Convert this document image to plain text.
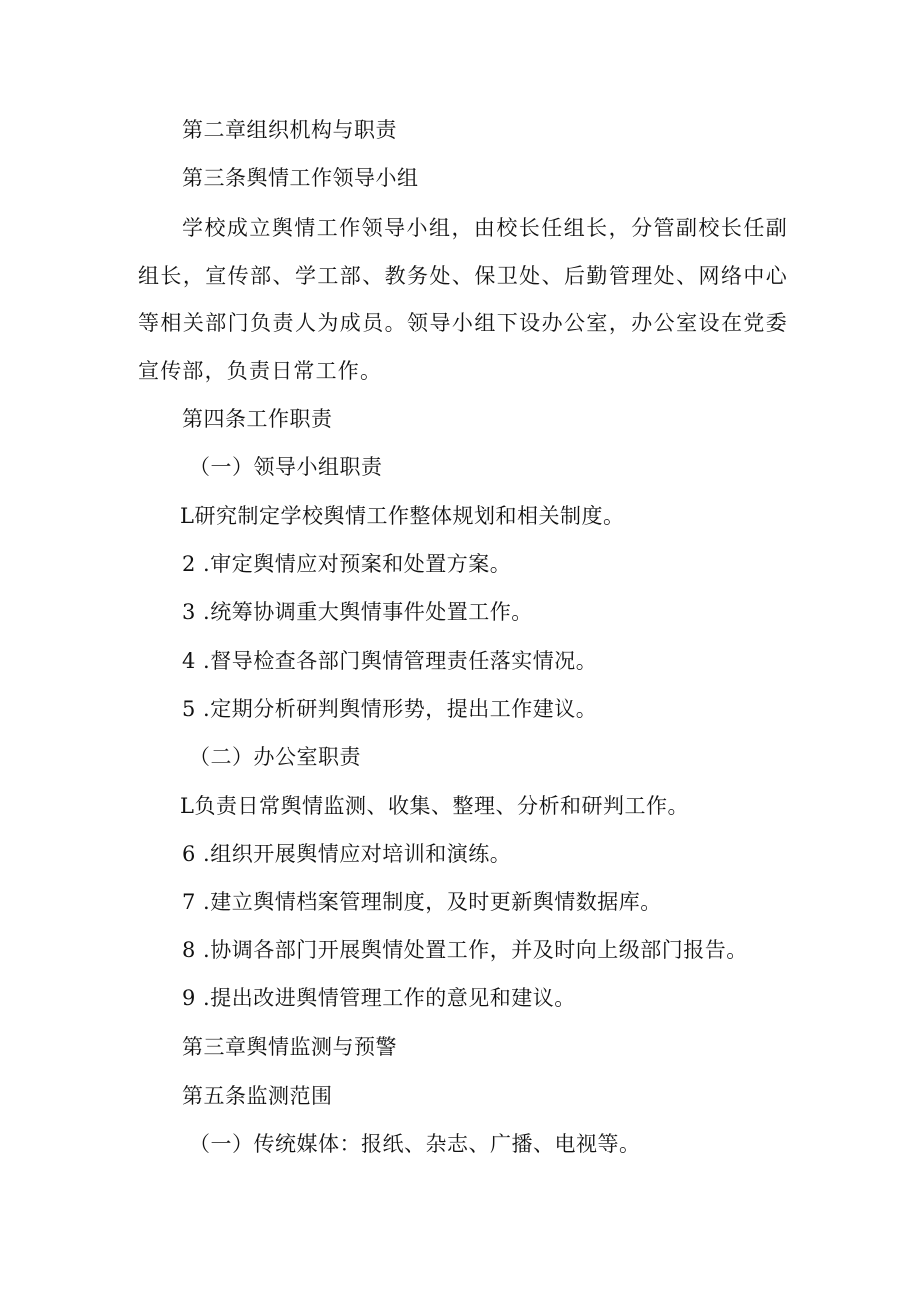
第二章组织机构与职责
第三条舆情工作领导小组
学校成立舆情工作领导小组，由校长任组长，分管副校长任副组长，宣传部、学工部、教务处、保卫处、后勤管理处、网络中心等相关部门负责人为成员。领导小组下设办公室，办公室设在党委宣传部，负责日常工作。
第四条工作职责
（一）领导小组职责
L研究制定学校舆情工作整体规划和相关制度。
2 .审定舆情应对预案和处置方案。
3 .统筹协调重大舆情事件处置工作。
4 .督导检查各部门舆情管理责任落实情况。
5 .定期分析研判舆情形势，提出工作建议。
（二）办公室职责
L负责日常舆情监测、收集、整理、分析和研判工作。
6 .组织开展舆情应对培训和演练。
7 .建立舆情档案管理制度，及时更新舆情数据库。
8 .协调各部门开展舆情处置工作，并及时向上级部门报告。
9 .提出改进舆情管理工作的意见和建议。
第三章舆情监测与预警
第五条监测范围
（一）传统媒体：报纸、杂志、广播、电视等。
